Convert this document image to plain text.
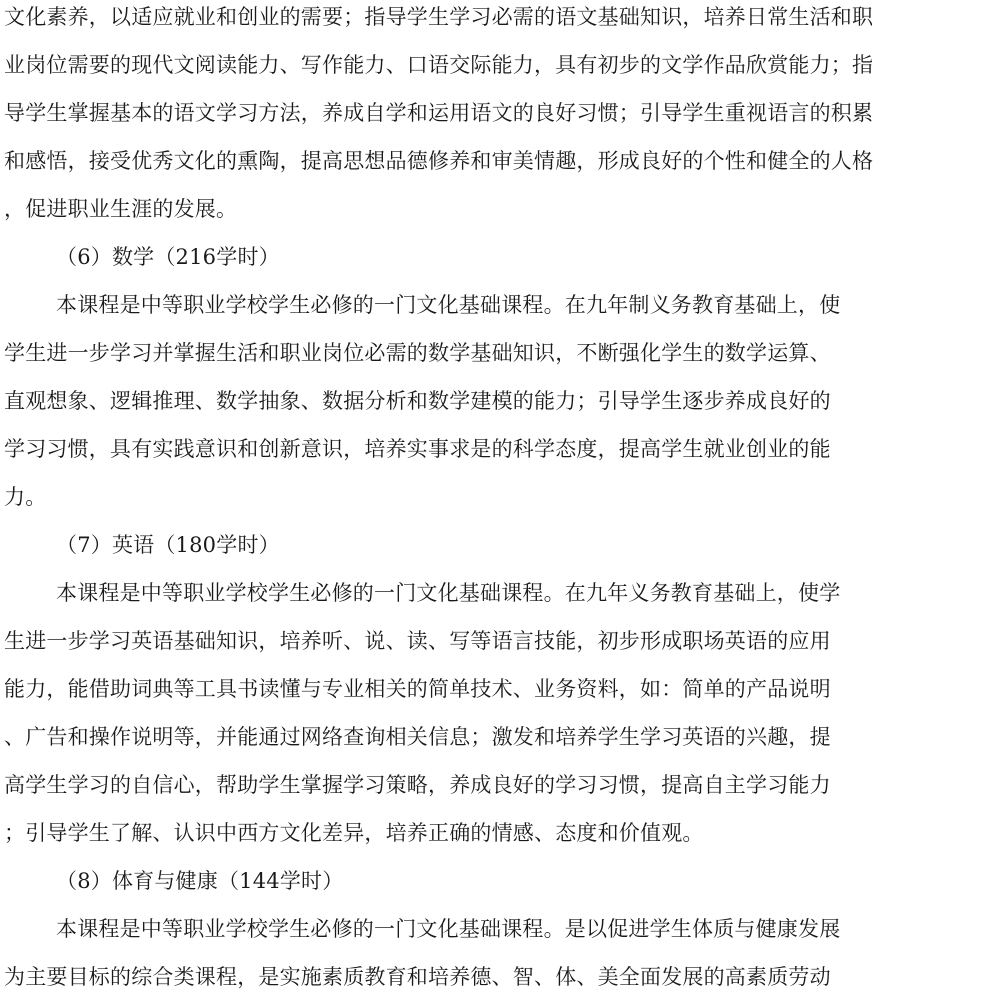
文化素养，以适应就业和创业的需要；指导学生学习必需的语文基础知识，培养日常生活和职
业岗位需要的现代文阅读能力、写作能力、口语交际能力，具有初步的文学作品欣赏能力；指
导学生掌握基本的语文学习方法，养成自学和运用语文的良好习惯；引导学生重视语言的积累
和感悟，接受优秀文化的熏陶，提高思想品德修养和审美情趣，形成良好的个性和健全的人格
，促进职业生涯的发展。
（6）数学（216学时）
本课程是中等职业学校学生必修的一门文化基础课程。在九年制义务教育基础上，使
学生进一步学习并掌握生活和职业岗位必需的数学基础知识，不断强化学生的数学运算、
直观想象、逻辑推理、数学抽象、数据分析和数学建模的能力；引导学生逐步养成良好的
学习习惯，具有实践意识和创新意识，培养实事求是的科学态度，提高学生就业创业的能
力。
（7）英语（180学时）
本课程是中等职业学校学生必修的一门文化基础课程。在九年义务教育基础上，使学
生进一步学习英语基础知识，培养听、说、读、写等语言技能，初步形成职场英语的应用
能力，能借助词典等工具书读懂与专业相关的简单技术、业务资料，如：简单的产品说明
、广告和操作说明等，并能通过网络查询相关信息；激发和培养学生学习英语的兴趣，提
高学生学习的自信心，帮助学生掌握学习策略，养成良好的学习习惯，提高自主学习能力
；引导学生了解、认识中西方文化差异，培养正确的情感、态度和价值观。
（8）体育与健康（144学时）
本课程是中等职业学校学生必修的一门文化基础课程。是以促进学生体质与健康发展
为主要目标的综合类课程，是实施素质教育和培养德、智、体、美全面发展的高素质劳动
